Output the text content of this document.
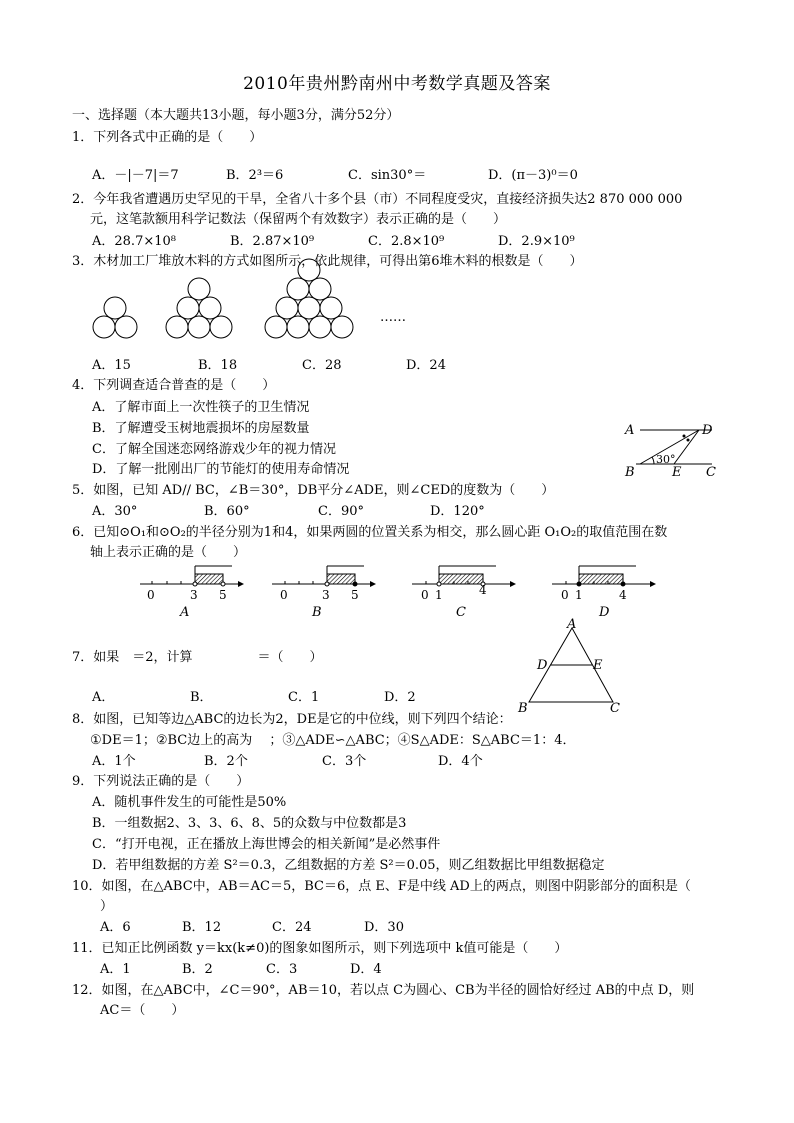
2010年贵州黔南州中考数学真题及答案
一、选择题（本大题共13小题，每小题3分，满分52分）
1．下列各式中正确的是（　　）
A．－|－7|＝7	B．2³＝6	C．sin30°＝	D．(π－3)⁰＝0
2．今年我省遭遇历史罕见的干旱，全省八十多个县（市）不同程度受灾，直接经济损失达2 870 000 000
元，这笔款额用科学记数法（保留两个有效数字）表示正确的是（　　）
A．28.7×10⁸	B．2.87×10⁹	C．2.8×10⁹	D．2.9×10⁹
3．木材加工厂堆放木料的方式如图所示，依此规律，可得出第6堆木料的根数是（　　）
……
A．15	B．18	C．28	D．24
4．下列调查适合普查的是（　　）
A．了解市面上一次性筷子的卫生情况
B．了解遭受玉树地震损坏的房屋数量
C．了解全国迷恋网络游戏少年的视力情况
D．了解一批刚出厂的节能灯的使用寿命情况
A	D
B	E C
30°
5．如图，已知 AD// BC，∠B＝30°，DB平分∠ADE，则∠CED的度数为（　　）
A．30°	B．60°	C．90°	D．120°
6．已知⊙O₁和⊙O₂的半径分别为1和4，如果两圆的位置关系为相交，那么圆心距 O₁O₂的取值范围在数
轴上表示正确的是（　　）
0	3 5
A
0	3 5
B
0 1	4
C
0 1	4
D
A
D	E
B	C
7．如果　＝2，计算　　　　　＝（　　）
A．	B．	C．1	D．2
8．如图，已知等边△ABC的边长为2，DE是它的中位线，则下列四个结论：
①DE＝1；②BC边上的高为　 ；③△ADE∽△ABC；④S△ADE：S△ABC＝1：4．
A．1个	B．2个	C．3个	D．4个
9．下列说法正确的是（　　）
A．随机事件发生的可能性是50%
B．一组数据2、3、3、6、8、5的众数与中位数都是3
C．“打开电视，正在播放上海世博会的相关新闻”是必然事件
D．若甲组数据的方差 S²＝0.3，乙组数据的方差 S²＝0.05，则乙组数据比甲组数据稳定
10．如图，在△ABC中，AB＝AC＝5，BC＝6，点 E、F是中线 AD上的两点，则图中阴影部分的面积是（
）
A．6	B．12	C．24	D．30
11．已知正比例函数 y＝kx(k≠0)的图象如图所示，则下列选项中 k值可能是（　　）
A．1	B．2	C．3	D．4
12．如图，在△ABC中，∠C＝90°，AB＝10，若以点 C为圆心、CB为半径的圆恰好经过 AB的中点 D，则
AC＝（　　）
